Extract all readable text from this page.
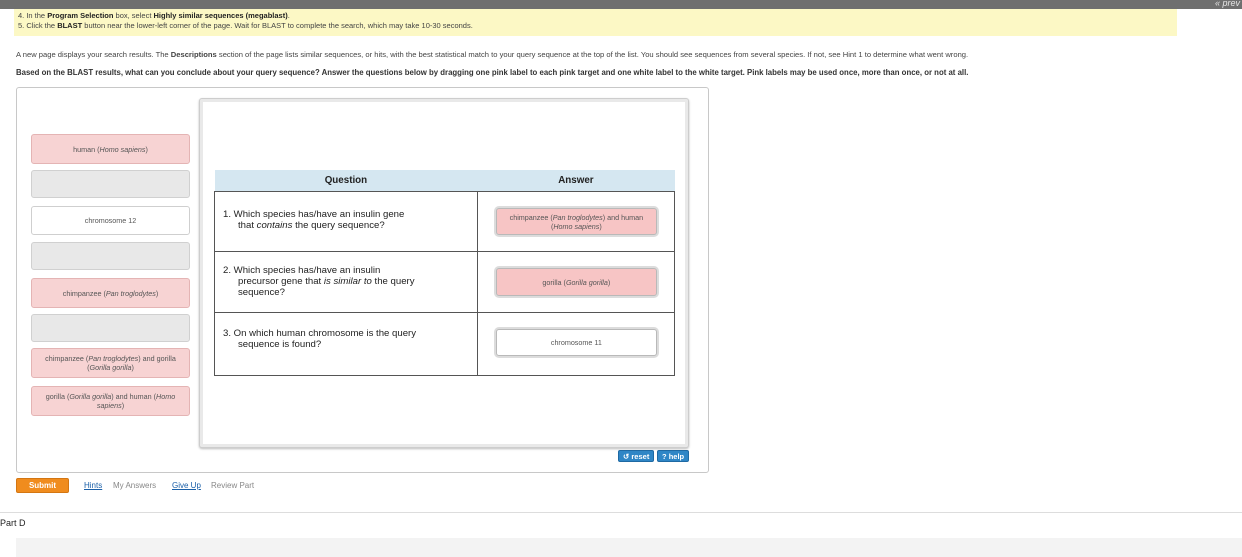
« prev
4. In the Program Selection box, select Highly similar sequences (megablast).
5. Click the BLAST button near the lower-left corner of the page. Wait for BLAST to complete the search, which may take 10-30 seconds.
A new page displays your search results. The Descriptions section of the page lists similar sequences, or hits, with the best statistical match to your query sequence at the top of the list. You should see sequences from several species. If not, see Hint 1 to determine what went wrong.
Based on the BLAST results, what can you conclude about your query sequence? Answer the questions below by dragging one pink label to each pink target and one white label to the white target. Pink labels may be used once, more than once, or not at all.
human (Homo sapiens)
chromosome 12
chimpanzee (Pan troglodytes)
chimpanzee (Pan troglodytes) and gorilla (Gorilla gorilla)
gorilla (Gorilla gorilla) and human (Homo sapiens)
Question	Answer
1. Which species has/have an insulin gene
that contains the query sequence?	chimpanzee (Pan troglodytes) and human (Homo sapiens)

2. Which species has/have an insulin
precursor gene that is similar to the query
sequence?	gorilla (Gorilla gorilla)

3. On which human chromosome is the query
sequence is found?	chromosome 11
↺ reset	? help
Submit	Hints My Answers Give Up Review Part
Part D
